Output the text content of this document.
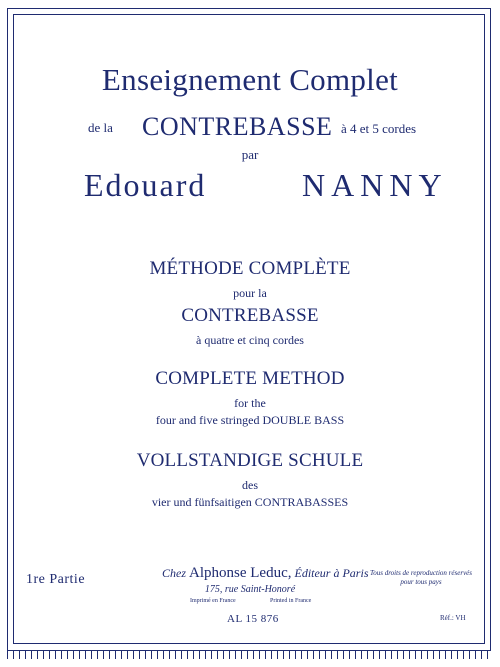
Enseignement Complet
de la CONTREBASSE à 4 et 5 cordes
par
Edouard	NANNY
MÉTHODE COMPLÈTE
pour la
CONTREBASSE
à quatre et cinq cordes
COMPLETE METHOD
for the
four and five stringed DOUBLE BASS
VOLLSTANDIGE SCHULE
des
vier und fünfsaitigen CONTRABASSES
1re Partie	Chez Alphonse Leduc, Éditeur à Paris
175, rue Saint-Honoré
Imprimé en France	Printed in France
Tous droits de reproduction réservés pour tous pays
AL 15 876	Réf.: VH
